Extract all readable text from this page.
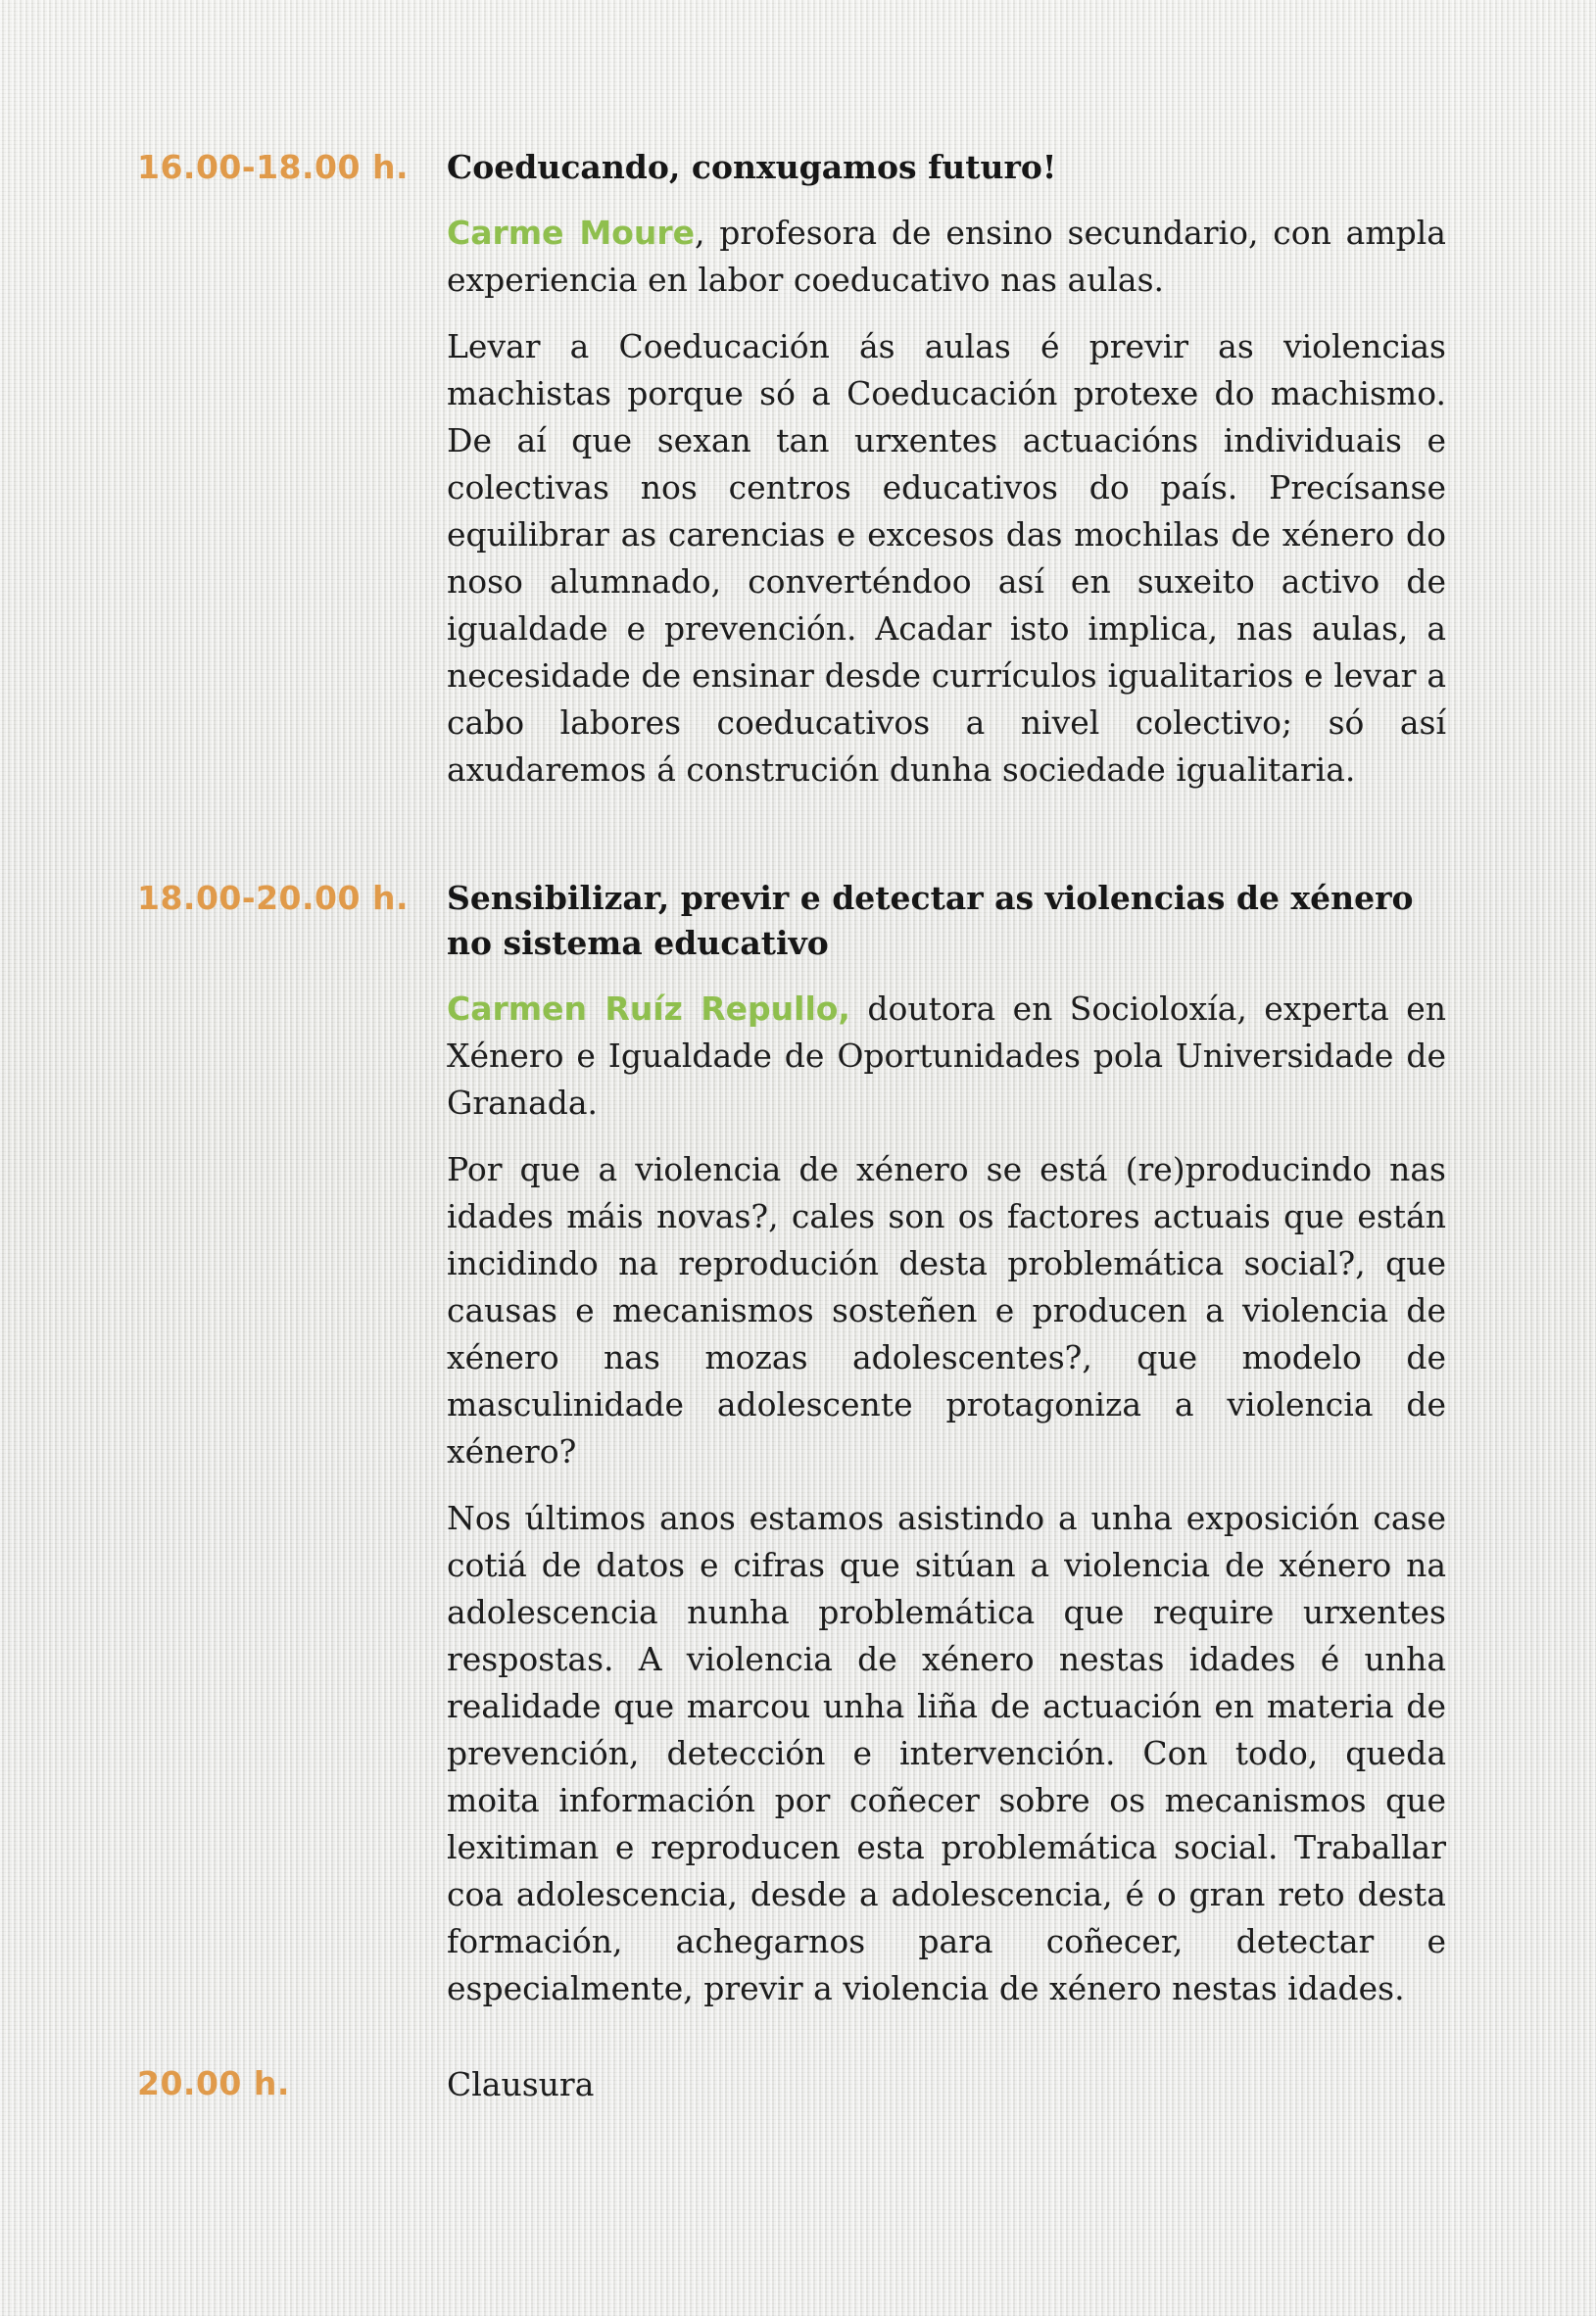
16.00-18.00 h. Coeducando, conxugamos futuro!

Carme Moure, profesora de ensino secundario, con ampla experiencia en labor coeducativo nas aulas.

Levar a Coeducación ás aulas é previr as violencias machistas porque só a Coeducación protexe do machismo. De aí que sexan tan urxentes actuacións individuais e colectivas nos centros educativos do país. Precísanse equilibrar as carencias e excesos das mochilas de xénero do noso alumnado, converténdoo así en suxeito activo de igualdade e prevención. Acadar isto implica, nas aulas, a necesidade de ensinar desde currículos igualitarios e levar a cabo labores coeducativos a nivel colectivo; só así axudaremos á construción dunha sociedade igualitaria.

18.00-20.00 h. Sensibilizar, previr e detectar as violencias de xénero no sistema educativo

Carmen Ruíz Repullo, doutora en Socioloxía, experta en Xénero e Igualdade de Oportunidades pola Universidade de Granada.

Por que a violencia de xénero se está (re)producindo nas idades máis novas?, cales son os factores actuais que están incidindo na reprodución desta problemática social?, que causas e mecanismos sosteñen e producen a violencia de xénero nas mozas adolescentes?, que modelo de masculinidade adolescente protagoniza a violencia de xénero?

Nos últimos anos estamos asistindo a unha exposición case cotiá de datos e cifras que sitúan a violencia de xénero na adolescencia nunha problemática que require urxentes respostas. A violencia de xénero nestas idades é unha realidade que marcou unha liña de actuación en materia de prevención, detección e intervención. Con todo, queda moita información por coñecer sobre os mecanismos que lexitiman e reproducen esta problemática social. Traballar coa adolescencia, desde a adolescencia, é o gran reto desta formación, achegarnos para coñecer, detectar e especialmente, previr a violencia de xénero nestas idades.

20.00 h.	Clausura
